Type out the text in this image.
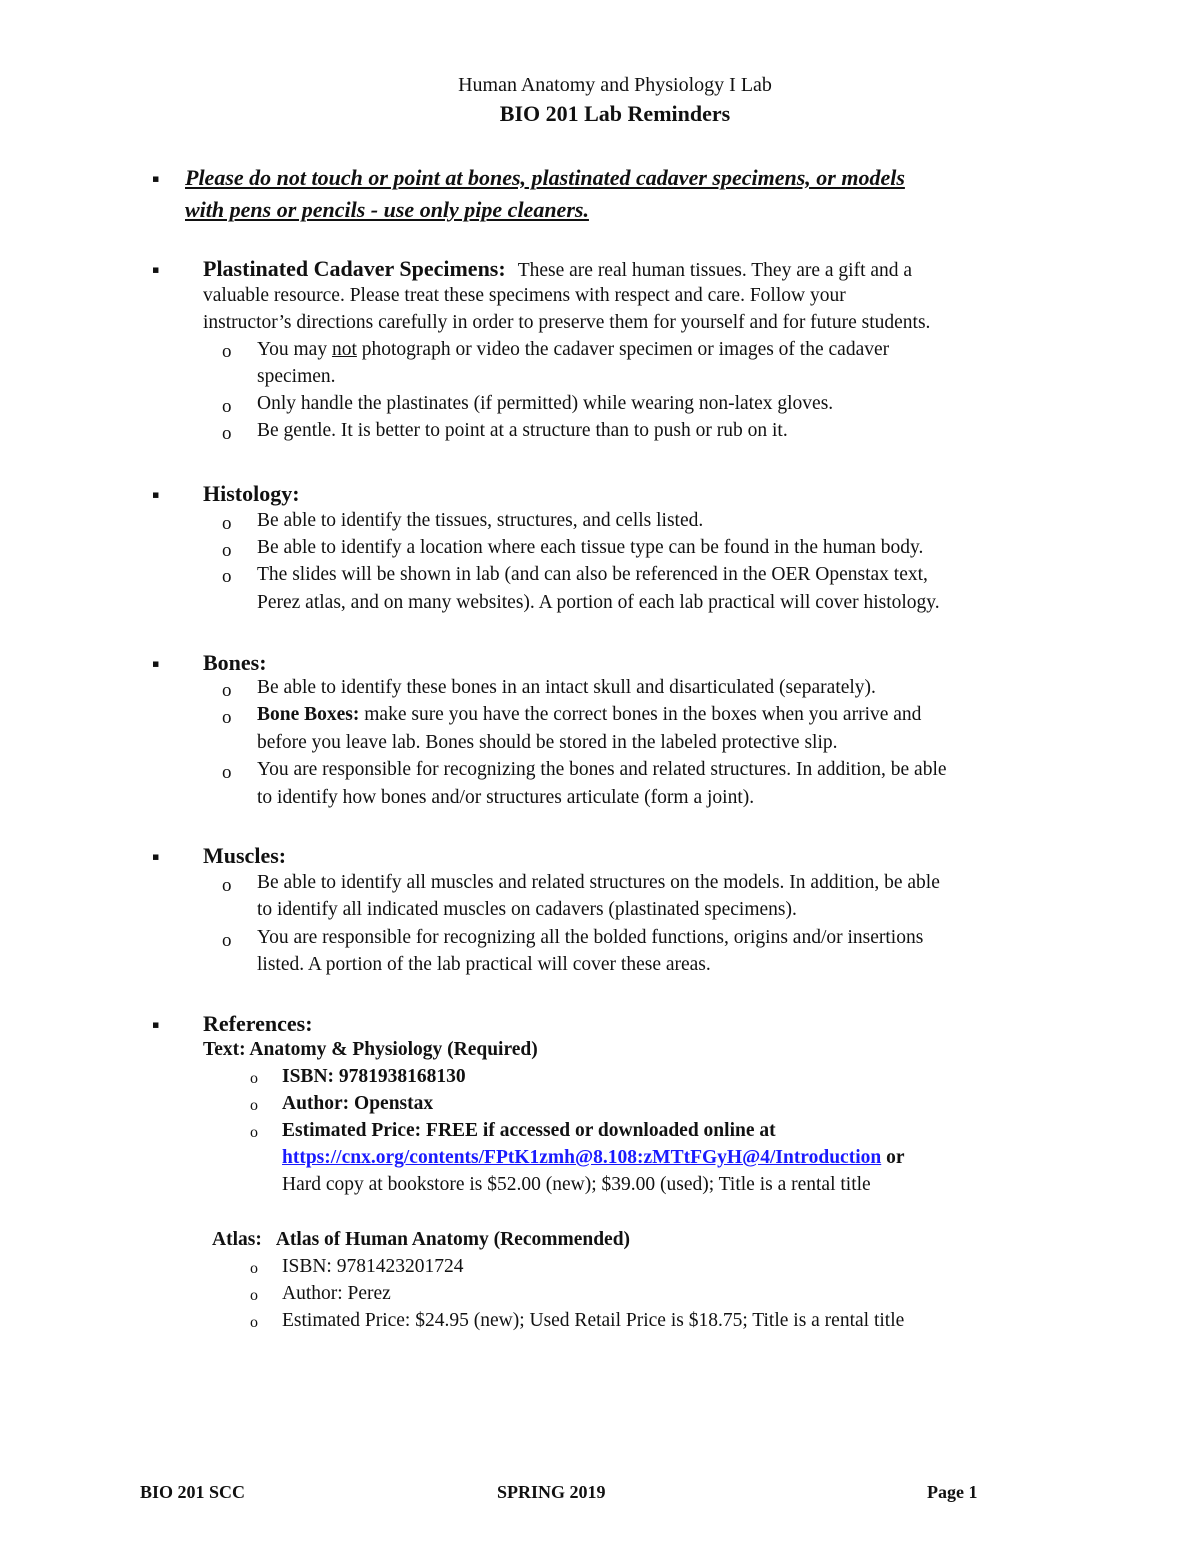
Human Anatomy and Physiology I Lab
BIO 201 Lab Reminders
▪ Please do not touch or point at bones, plastinated cadaver specimens, or models
with pens or pencils - use only pipe cleaners.
▪ Plastinated Cadaver Specimens: These are real human tissues. They are a gift and a
valuable resource. Please treat these specimens with respect and care. Follow your
instructor’s directions carefully in order to preserve them for yourself and for future students.
o You may not photograph or video the cadaver specimen or images of the cadaver
specimen.
o Only handle the plastinates (if permitted) while wearing non-latex gloves.
o Be gentle. It is better to point at a structure than to push or rub on it.
▪ Histology:
o Be able to identify the tissues, structures, and cells listed.
o Be able to identify a location where each tissue type can be found in the human body.
o The slides will be shown in lab (and can also be referenced in the OER Openstax text,
Perez atlas, and on many websites). A portion of each lab practical will cover histology.
▪ Bones:
o Be able to identify these bones in an intact skull and disarticulated (separately).
o Bone Boxes: make sure you have the correct bones in the boxes when you arrive and
before you leave lab. Bones should be stored in the labeled protective slip.
o You are responsible for recognizing the bones and related structures. In addition, be able
to identify how bones and/or structures articulate (form a joint).
▪ Muscles:
o Be able to identify all muscles and related structures on the models. In addition, be able
to identify all indicated muscles on cadavers (plastinated specimens).
o You are responsible for recognizing all the bolded functions, origins and/or insertions
listed. A portion of the lab practical will cover these areas.
▪ References:
Text: Anatomy & Physiology (Required)
o ISBN: 9781938168130
o Author: Openstax
o Estimated Price: FREE if accessed or downloaded online at
https://cnx.org/contents/FPtK1zmh@8.108:zMTtFGyH@4/Introduction or
Hard copy at bookstore is $52.00 (new); $39.00 (used); Title is a rental title
Atlas: Atlas of Human Anatomy (Recommended)
o ISBN: 9781423201724
o Author: Perez
o Estimated Price: $24.95 (new); Used Retail Price is $18.75; Title is a rental title
BIO 201 SCC	SPRING 2019	Page 1
